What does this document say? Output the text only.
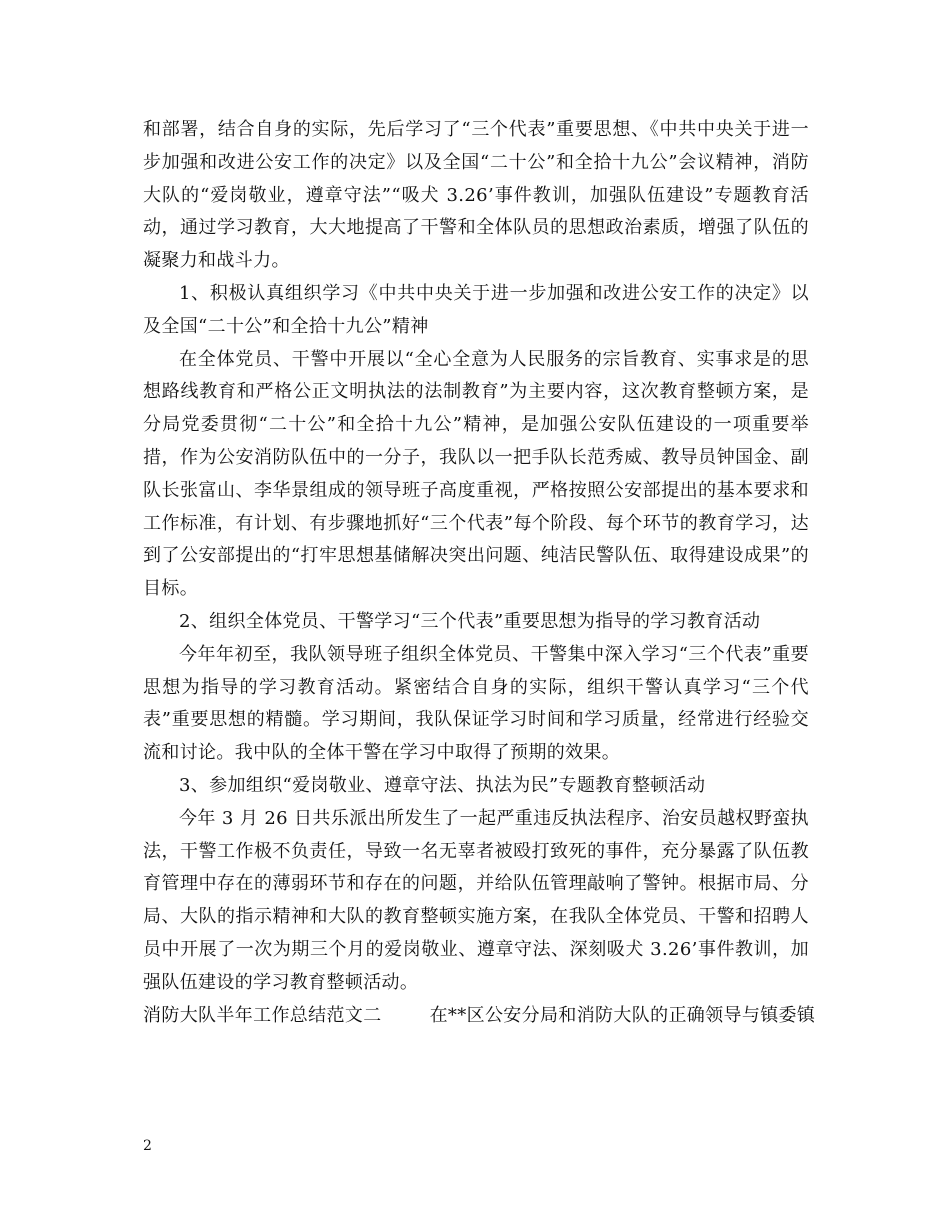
和部署，结合自身的实际，先后学习了“三个代表”重要思想、《中共中央关于进一步加强和改进公安工作的决定》以及全国“二十公”和全拾十九公”会议精神，消防大队的“爱岗敬业，遵章守法”“吸犬 3.26’事件教训，加强队伍建设”专题教育活动，通过学习教育，大大地提高了干警和全体队员的思想政治素质，增强了队伍的凝聚力和战斗力。

1、积极认真组织学习《中共中央关于进一步加强和改进公安工作的决定》以及全国“二十公”和全拾十九公”精神

在全体党员、干警中开展以“全心全意为人民服务的宗旨教育、实事求是的思想路线教育和严格公正文明执法的法制教育”为主要内容，这次教育整顿方案，是分局党委贯彻“二十公”和全拾十九公”精神，是加强公安队伍建设的一项重要举措，作为公安消防队伍中的一分子，我队以一把手队长范秀威、教导员钟国金、副队长张富山、李华景组成的领导班子高度重视，严格按照公安部提出的基本要求和工作标准，有计划、有步骤地抓好“三个代表”每个阶段、每个环节的教育学习，达到了公安部提出的“打牢思想基储解决突出问题、纯洁民警队伍、取得建设成果”的目标。

2、组织全体党员、干警学习“三个代表”重要思想为指导的学习教育活动

今年年初至，我队领导班子组织全体党员、干警集中深入学习“三个代表”重要思想为指导的学习教育活动。紧密结合自身的实际，组织干警认真学习“三个代表”重要思想的精髓。学习期间，我队保证学习时间和学习质量，经常进行经验交流和讨论。我中队的全体干警在学习中取得了预期的效果。

3、参加组织“爱岗敬业、遵章守法、执法为民”专题教育整顿活动

今年 3 月 26 日共乐派出所发生了一起严重违反执法程序、治安员越权野蛮执法，干警工作极不负责任，导致一名无辜者被殴打致死的事件，充分暴露了队伍教育管理中存在的薄弱环节和存在的问题，并给队伍管理敲响了警钟。根据市局、分局、大队的指示精神和大队的教育整顿实施方案，在我队全体党员、干警和招聘人员中开展了一次为期三个月的爱岗敬业、遵章守法、深刻吸犬 3.26’事件教训，加强队伍建设的学习教育整顿活动。

消防大队半年工作总结范文二	在**区公安分局和消防大队的正确领导与镇委镇

2
